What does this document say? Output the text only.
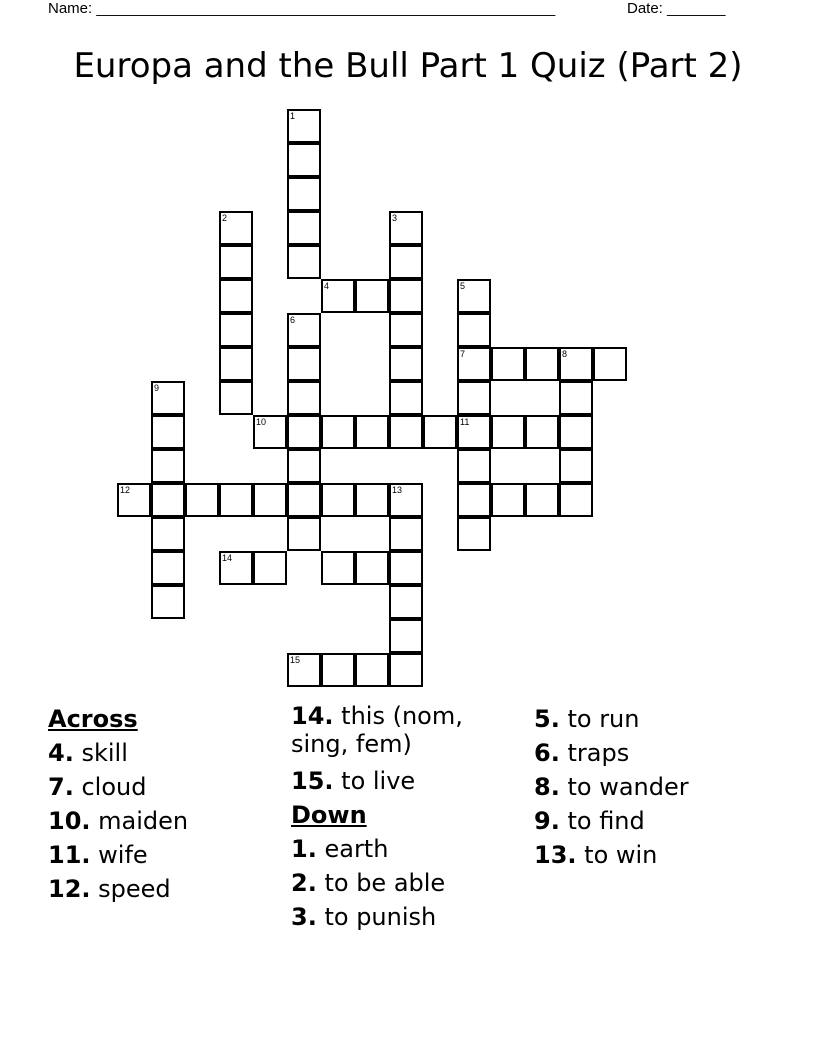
Name: _______________________________________________________	Date: _______
Europa and the Bull Part 1 Quiz (Part 2)
1
2	3
4	5
7
11
6
8
9
10
12	13
14
15
Across
4. skill
7. cloud
10. maiden
11. wife
12. speed
14. this (nom, sing, fem)
15. to live
Down
1. earth
2. to be able
3. to punish
5. to run
6. traps
8. to wander
9. to find
13. to win
